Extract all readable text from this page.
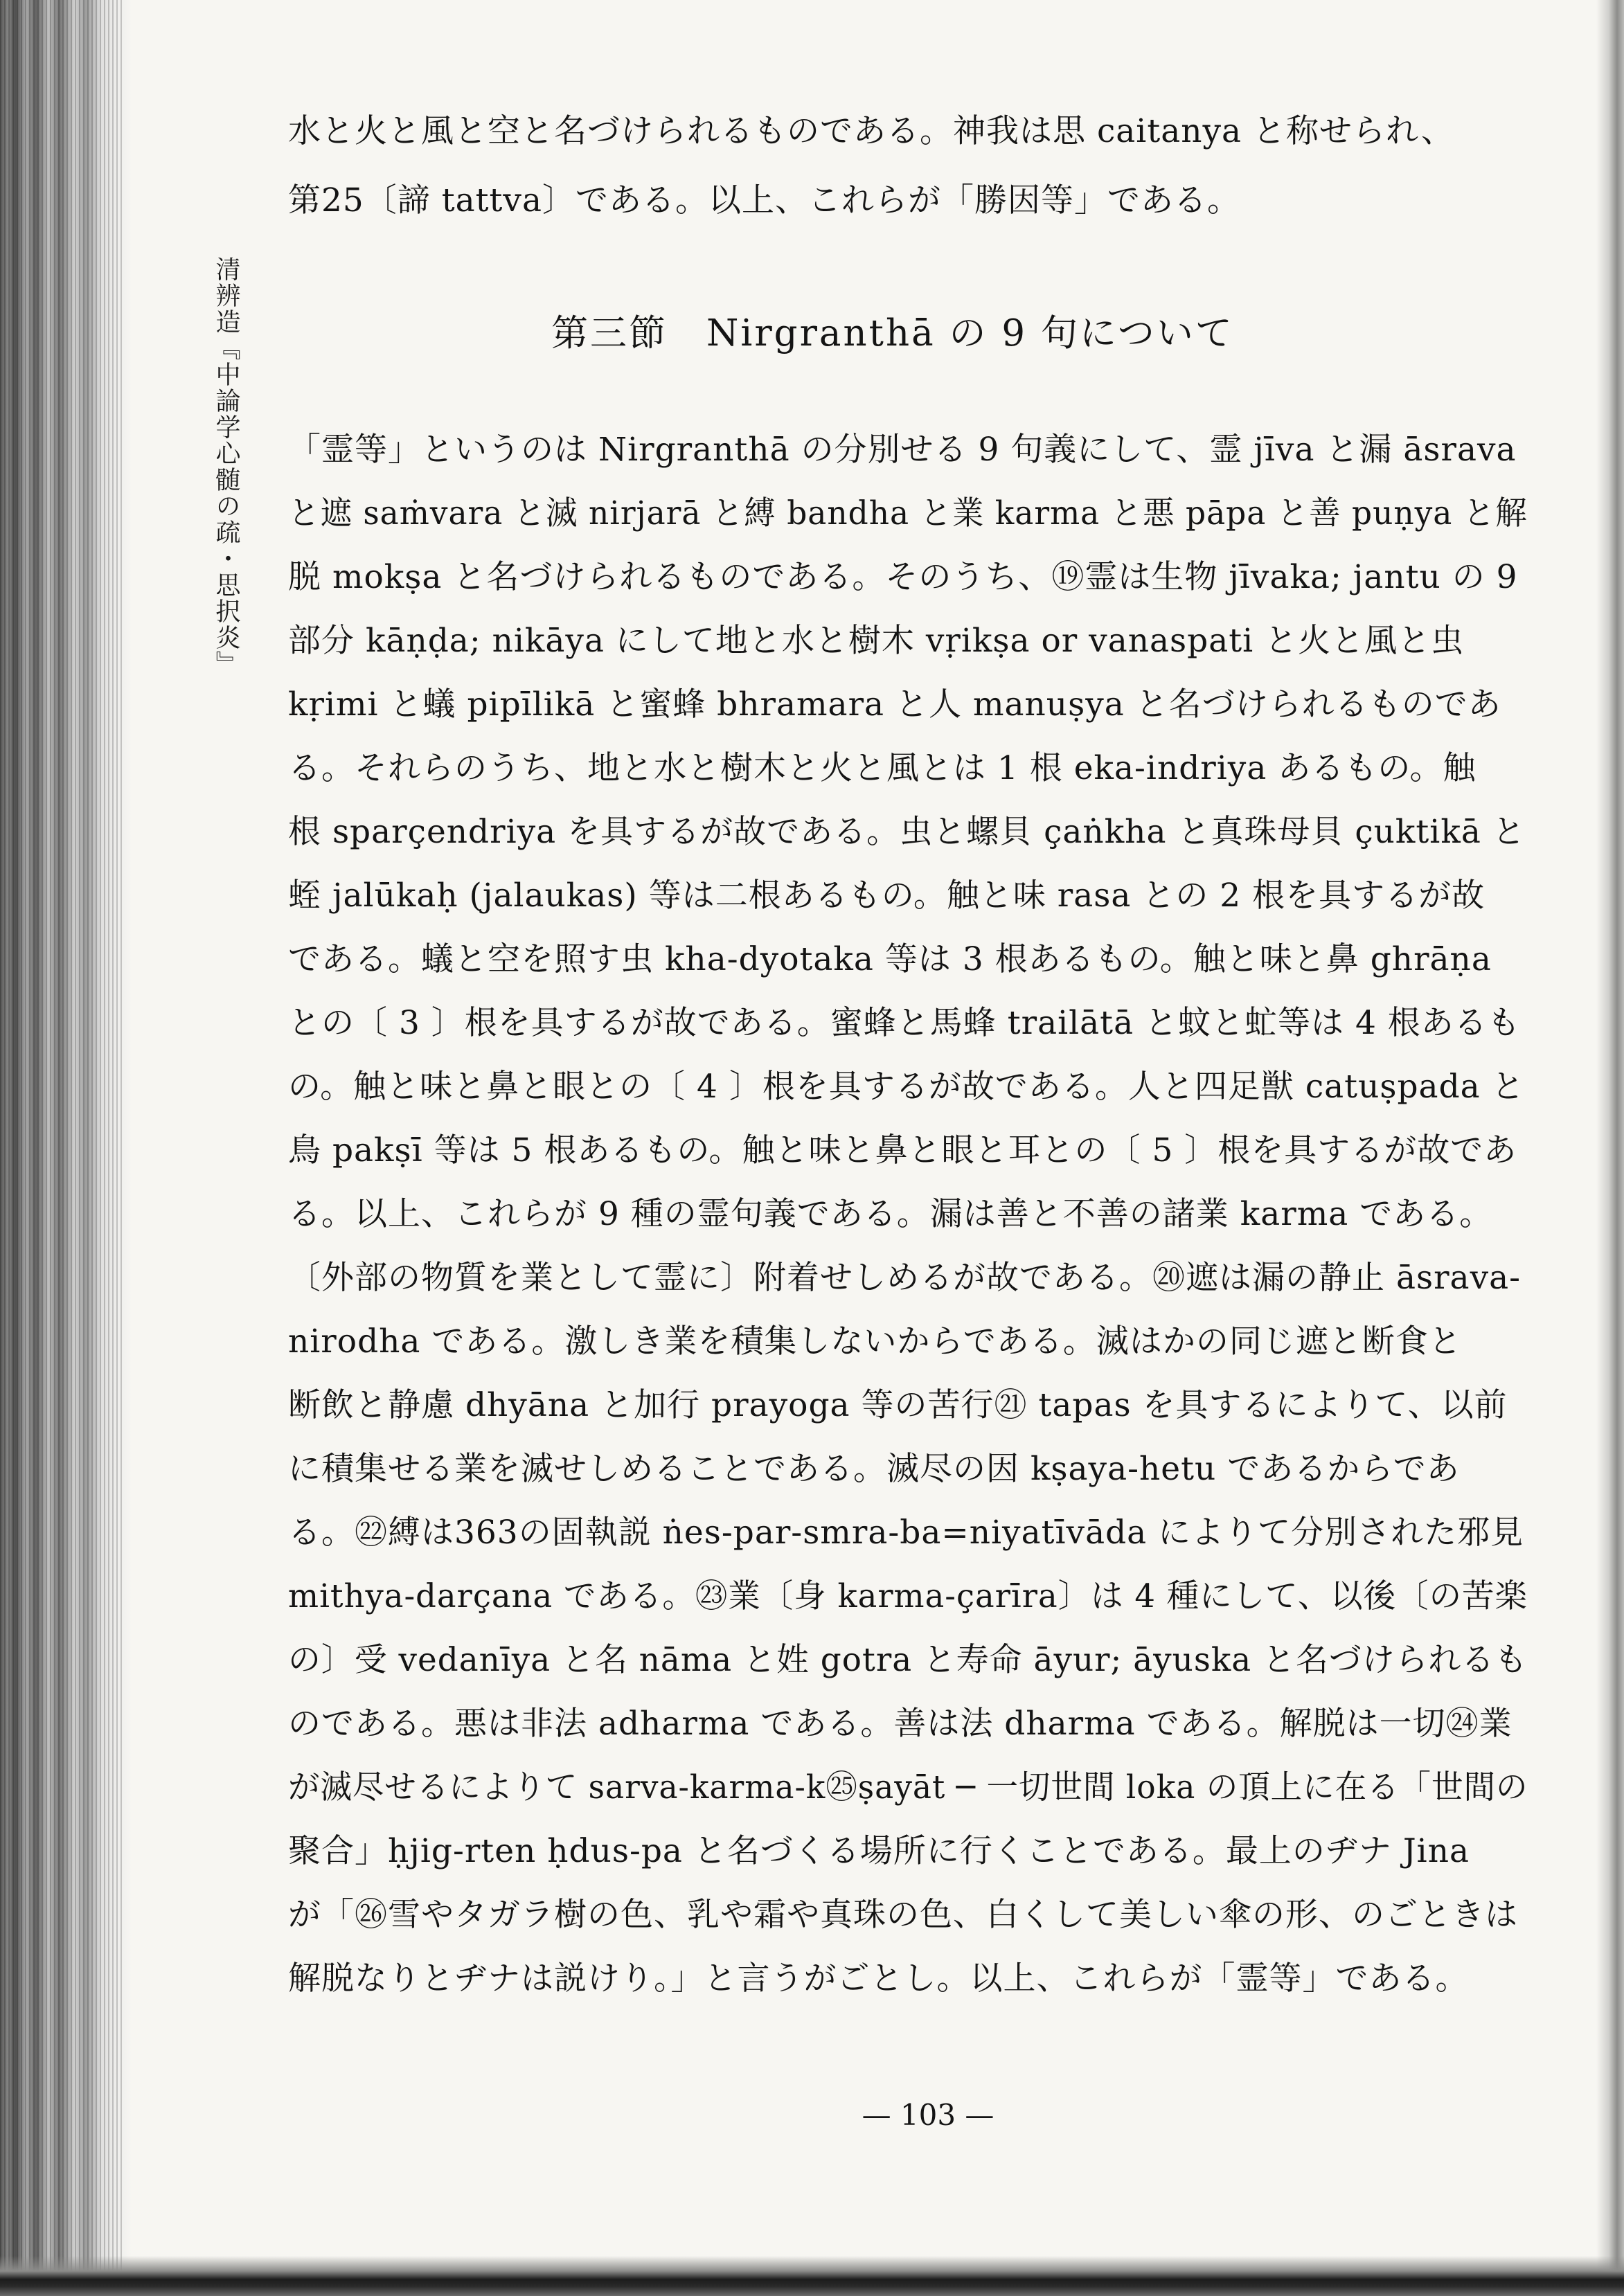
清辨造『中論学心髄の疏・思択炎』
水と火と風と空と名づけられるものである。神我は思 caitanya と称せられ、
第25〔諦 tattva〕である。以上、これらが「勝因等」である。
第三節　Nirgranthā の 9 句について
「霊等」というのは Nirgranthā の分別せる 9 句義にして、霊 jīva と漏 āsrava
と遮 saṁvara と滅 nirjarā と縛 bandha と業 karma と悪 pāpa と善 puṇya と解
脱 mokṣa と名づけられるものである。そのうち、⑲霊は生物 jīvaka; jantu の 9
部分 kāṇḍa; nikāya にして地と水と樹木 vṛikṣa or vanaspati と火と風と虫
kṛimi と蟻 pipīlikā と蜜蜂 bhramara と人 manuṣya と名づけられるものであ
る。それらのうち、地と水と樹木と火と風とは 1 根 eka-indriya あるもの。触
根 sparçendriya を具するが故である。虫と螺貝 çaṅkha と真珠母貝 çuktikā と
蛭 jalūkaḥ (jalaukas) 等は二根あるもの。触と味 rasa との 2 根を具するが故
である。蟻と空を照す虫 kha-dyotaka 等は 3 根あるもの。触と味と鼻 ghrāṇa
との〔 3 〕根を具するが故である。蜜蜂と馬蜂 trailātā と蚊と虻等は 4 根あるも
の。触と味と鼻と眼との〔 4 〕根を具するが故である。人と四足獣 catuṣpada と
鳥 pakṣī 等は 5 根あるもの。触と味と鼻と眼と耳との〔 5 〕根を具するが故であ
る。以上、これらが 9 種の霊句義である。漏は善と不善の諸業 karma である。
〔外部の物質を業として霊に〕附着せしめるが故である。⑳遮は漏の静止 āsrava-
nirodha である。激しき業を積集しないからである。滅はかの同じ遮と断食と
断飲と静慮 dhyāna と加行 prayoga 等の苦行㉑ tapas を具するによりて、以前
に積集せる業を滅せしめることである。滅尽の因 kṣaya-hetu であるからであ
る。㉒縛は363の固執説 ṅes-par-smra-ba=niyatīvāda によりて分別された邪見
mithya-darçana である。㉓業〔身 karma-çarīra〕は 4 種にして、以後〔の苦楽
の〕受 vedanīya と名 nāma と姓 gotra と寿命 āyur; āyuska と名づけられるも
のである。悪は非法 adharma である。善は法 dharma である。解脱は一切㉔業
が滅尽せるによりて sarva-karma-k㉕ṣayāt ─ 一切世間 loka の頂上に在る「世間の
聚合」ḥjig-rten ḥdus-pa と名づくる場所に行くことである。最上のヂナ Jina
が「㉖雪やタガラ樹の色、乳や霜や真珠の色、白くして美しい傘の形、のごときは
解脱なりとヂナは説けり。」と言うがごとし。以上、これらが「霊等」である。
— 103 —
